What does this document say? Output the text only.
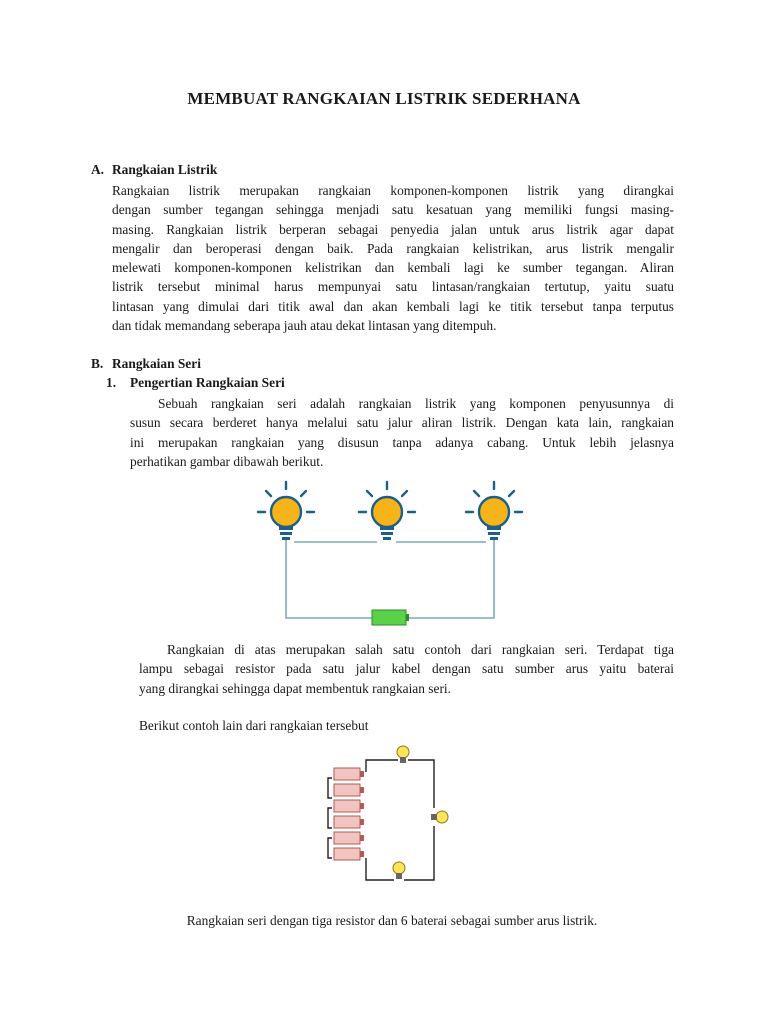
MEMBUAT RANGKAIAN LISTRIK SEDERHANA
A. Rangkaian Listrik
Rangkaian listrik merupakan rangkaian komponen-komponen listrik yang dirangkai
dengan sumber tegangan sehingga menjadi satu kesatuan yang memiliki fungsi masing-
masing. Rangkaian listrik berperan sebagai penyedia jalan untuk arus listrik agar dapat
mengalir dan beroperasi dengan baik. Pada rangkaian kelistrikan, arus listrik mengalir
melewati komponen-komponen kelistrikan dan kembali lagi ke sumber tegangan. Aliran
listrik tersebut minimal harus mempunyai satu lintasan/rangkaian tertutup, yaitu suatu
lintasan yang dimulai dari titik awal dan akan kembali lagi ke titik tersebut tanpa terputus
dan tidak memandang seberapa jauh atau dekat lintasan yang ditempuh.
B. Rangkaian Seri
1. Pengertian Rangkaian Seri
Sebuah rangkaian seri adalah rangkaian listrik yang komponen penyusunnya di
susun secara berderet hanya melalui satu jalur aliran listrik. Dengan kata lain, rangkaian
ini merupakan rangkaian yang disusun tanpa adanya cabang. Untuk lebih jelasnya
perhatikan gambar dibawah berikut.
Rangkaian di atas merupakan salah satu contoh dari rangkaian seri. Terdapat tiga
lampu sebagai resistor pada satu jalur kabel dengan satu sumber arus yaitu baterai
yang dirangkai sehingga dapat membentuk rangkaian seri.
Berikut contoh lain dari rangkaian tersebut
Rangkaian seri dengan tiga resistor dan 6 baterai sebagai sumber arus listrik.
